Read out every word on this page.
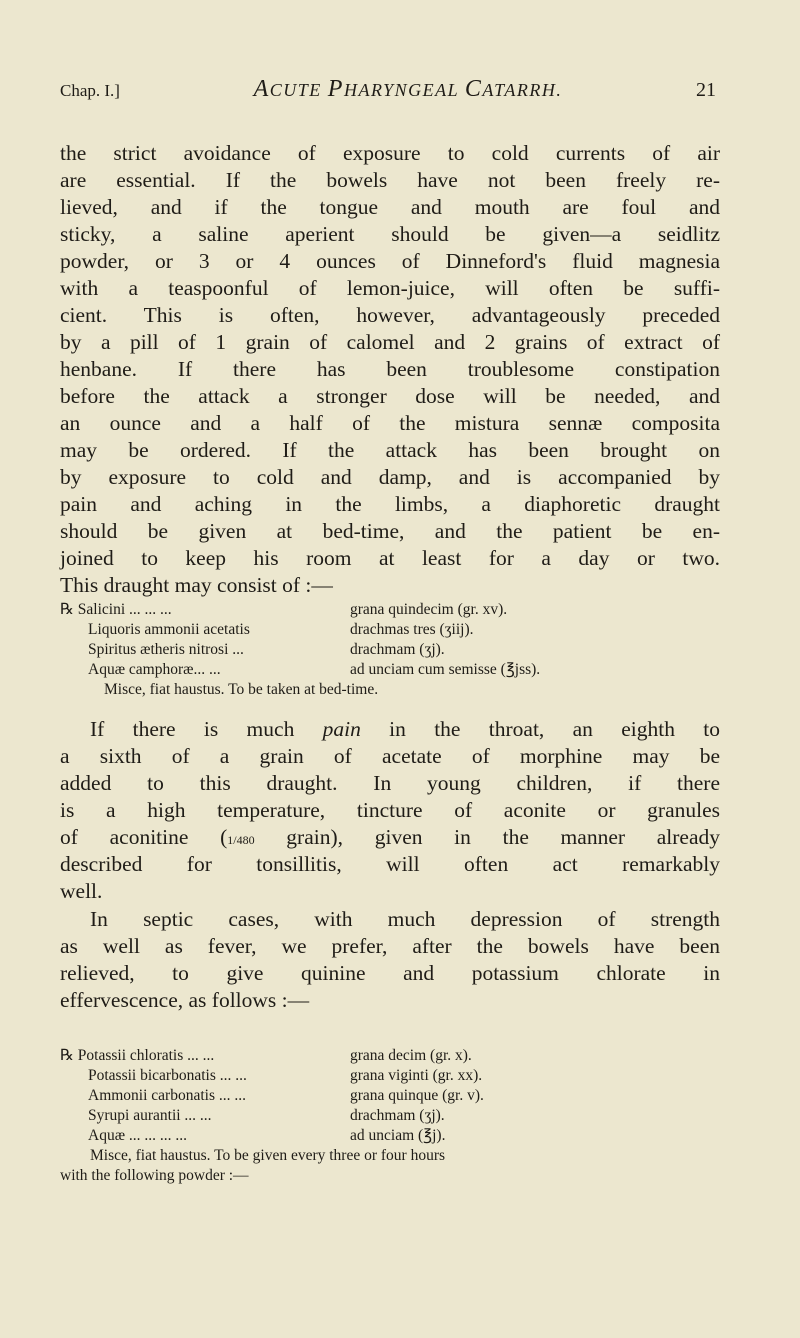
Chap. I.]	ACUTE PHARYNGEAL CATARRH.	21
the strict avoidance of exposure to cold currents of air
are essential. If the bowels have not been freely re-
lieved, and if the tongue and mouth are foul and
sticky, a saline aperient should be given—a seidlitz
powder, or 3 or 4 ounces of Dinneford's fluid magnesia
with a teaspoonful of lemon-juice, will often be suffi-
cient. This is often, however, advantageously preceded
by a pill of 1 grain of calomel and 2 grains of extract of
henbane. If there has been troublesome constipation
before the attack a stronger dose will be needed, and
an ounce and a half of the mistura sennæ composita
may be ordered. If the attack has been brought on
by exposure to cold and damp, and is accompanied by
pain and aching in the limbs, a diaphoretic draught
should be given at bed-time, and the patient be en-
joined to keep his room at least for a day or two.
This draught may consist of :—
℞ Salicini ... ... ...	grana quindecim (gr. xv).
Liquoris ammonii acetatis	drachmas tres (ʒiij).
Spiritus ætheris nitrosi ...	drachmam (ʒj).
Aquæ camphoræ... ...	ad unciam cum semisse (℥jss).
Misce, fiat haustus. To be taken at bed-time.
If there is much pain in the throat, an eighth to
a sixth of a grain of acetate of morphine may be
added to this draught. In young children, if there
is a high temperature, tincture of aconite or granules
of aconitine (1/480 grain), given in the manner already
described for tonsillitis, will often act remarkably
well.
In septic cases, with much depression of strength
as well as fever, we prefer, after the bowels have been
relieved, to give quinine and potassium chlorate in
effervescence, as follows :—
℞ Potassii chloratis ... ...	grana decim (gr. x).
Potassii bicarbonatis ... ...	grana viginti (gr. xx).
Ammonii carbonatis ... ...	grana quinque (gr. v).
Syrupi aurantii ... ...	drachmam (ʒj).
Aquæ ... ... ... ...	ad unciam (℥j).
Misce, fiat haustus. To be given every three or four hours
with the following powder :—
